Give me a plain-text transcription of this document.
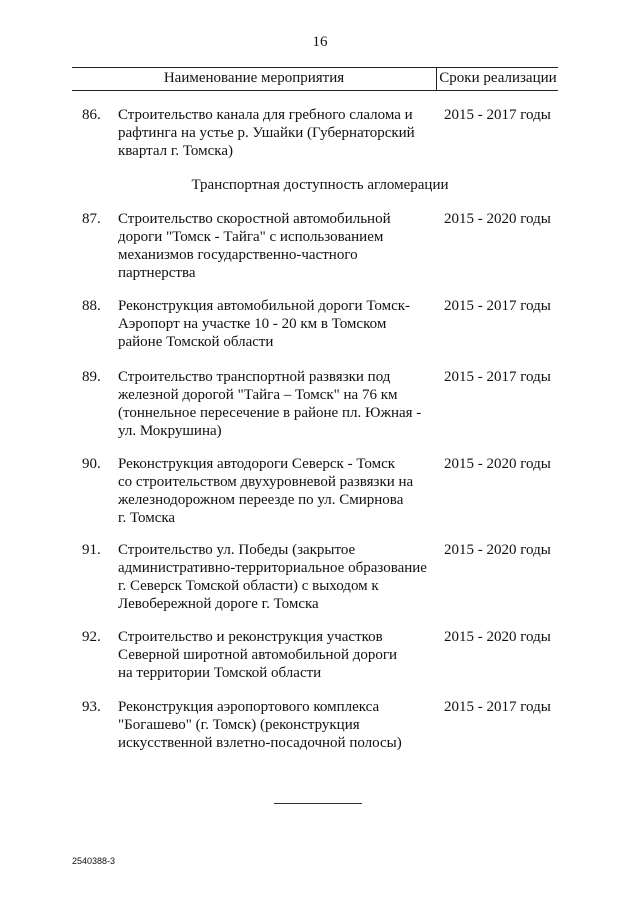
16
Наименование мероприятия	Сроки реализации
86. Строительство канала для гребного слалома и
рафтинга на устье р. Ушайки (Губернаторский
квартал г. Томска)
2015 - 2017 годы
Транспортная доступность агломерации
87. Строительство скоростной автомобильной
дороги "Томск - Тайга" с использованием
механизмов государственно-частного
партнерства
2015 - 2020 годы
88. Реконструкция автомобильной дороги Томск-
Аэропорт на участке 10 - 20 км в Томском
районе Томской области
2015 - 2017 годы
89. Строительство транспортной развязки под
железной дорогой "Тайга – Томск" на 76 км
(тоннельное пересечение в районе пл. Южная -
ул. Мокрушина)
2015 - 2017 годы
90. Реконструкция автодороги Северск - Томск
со строительством двухуровневой развязки на
железнодорожном переезде по ул. Смирнова
г. Томска
2015 - 2020 годы
91. Строительство ул. Победы (закрытое
административно-территориальное образование
г. Северск Томской области) с выходом к
Левобережной дороге г. Томска
2015 - 2020 годы
92. Строительство и реконструкция участков
Северной широтной автомобильной дороги
на территории Томской области
2015 - 2020 годы
93. Реконструкция аэропортового комплекса
"Богашево" (г. Томск) (реконструкция
искусственной взлетно-посадочной полосы)
2015 - 2017 годы
2540388-3
